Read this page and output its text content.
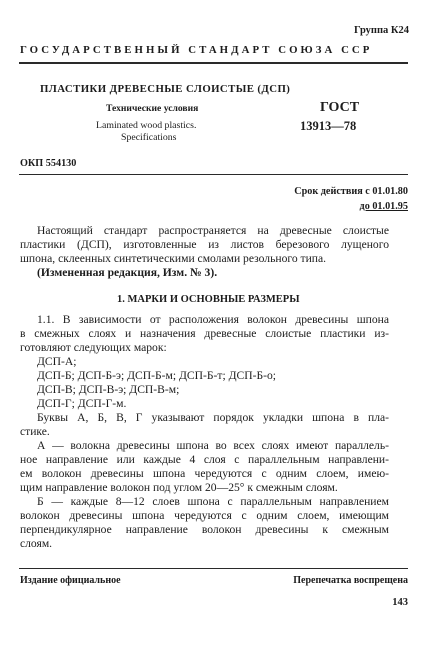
Группа К24
ГОСУДАРСТВЕННЫЙ СТАНДАРТ СОЮЗА ССР
ПЛАСТИКИ ДРЕВЕСНЫЕ СЛОИСТЫЕ (ДСП)
Технические условия
Laminated wood plastics.
Specifications
ГОСТ
13913—78
ОКП 554130
Срок действия с 01.01.80
до 01.01.95
Настоящий стандарт распространяется на древесные слоистые
пластики (ДСП), изготовленные из листов березового лущеного
шпона, склеенных синтетическими смолами резольного типа.
(Измененная редакция, Изм. № 3).
1. МАРКИ И ОСНОВНЫЕ РАЗМЕРЫ
1.1. В зависимости от расположения волокон древесины шпона
в смежных слоях и назначения древесные слоистые пластики из-
готовляют следующих марок:
ДСП-А;
ДСП-Б; ДСП-Б-э; ДСП-Б-м; ДСП-Б-т; ДСП-Б-о;
ДСП-В; ДСП-В-э; ДСП-В-м;
ДСП-Г; ДСП-Г-м.
Буквы А, Б, В, Г указывают порядок укладки шпона в пла-
стике.
А — волокна древесины шпона во всех слоях имеют параллель-
ное направление или каждые 4 слоя с параллельным направлени-
ем волокон древесины шпона чередуются с одним слоем, имею-
щим направление волокон под углом 20—25° к смежным слоям.
Б — каждые 8—12 слоев шпона с параллельным направлением
волокон древесины шпона чередуются с одним слоем, имеющим
перпендикулярное направление волокон древесины к смежным
слоям.
Издание официальное	Перепечатка воспрещена
143
